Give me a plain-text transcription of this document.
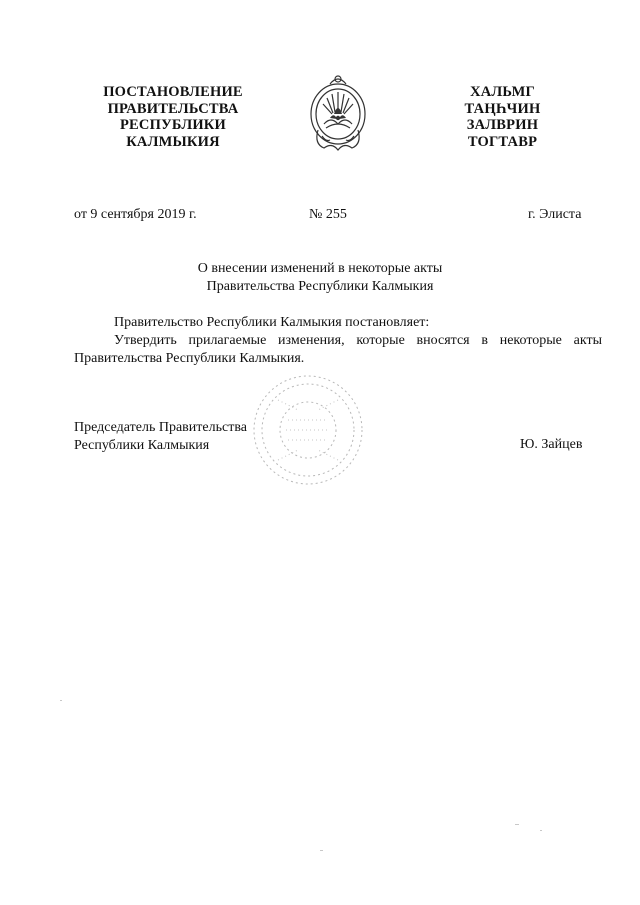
ПОСТАНОВЛЕНИЕ
ПРАВИТЕЛЬСТВА
РЕСПУБЛИКИ
КАЛМЫКИЯ
ХАЛЬМГ
ТАҢҺЧИН
ЗАЛВРИН
ТОГТАВР
от 9 сентября 2019 г.	№ 255	г. Элиста
О внесении изменений в некоторые акты
Правительства Республики Калмыкия
Правительство Республики Калмыкия постановляет:
Утвердить прилагаемые изменения, которые вносятся в некоторые акты Правительства Республики Калмыкия.
Председатель Правительства
Республики Калмыкия	Ю. Зайцев
